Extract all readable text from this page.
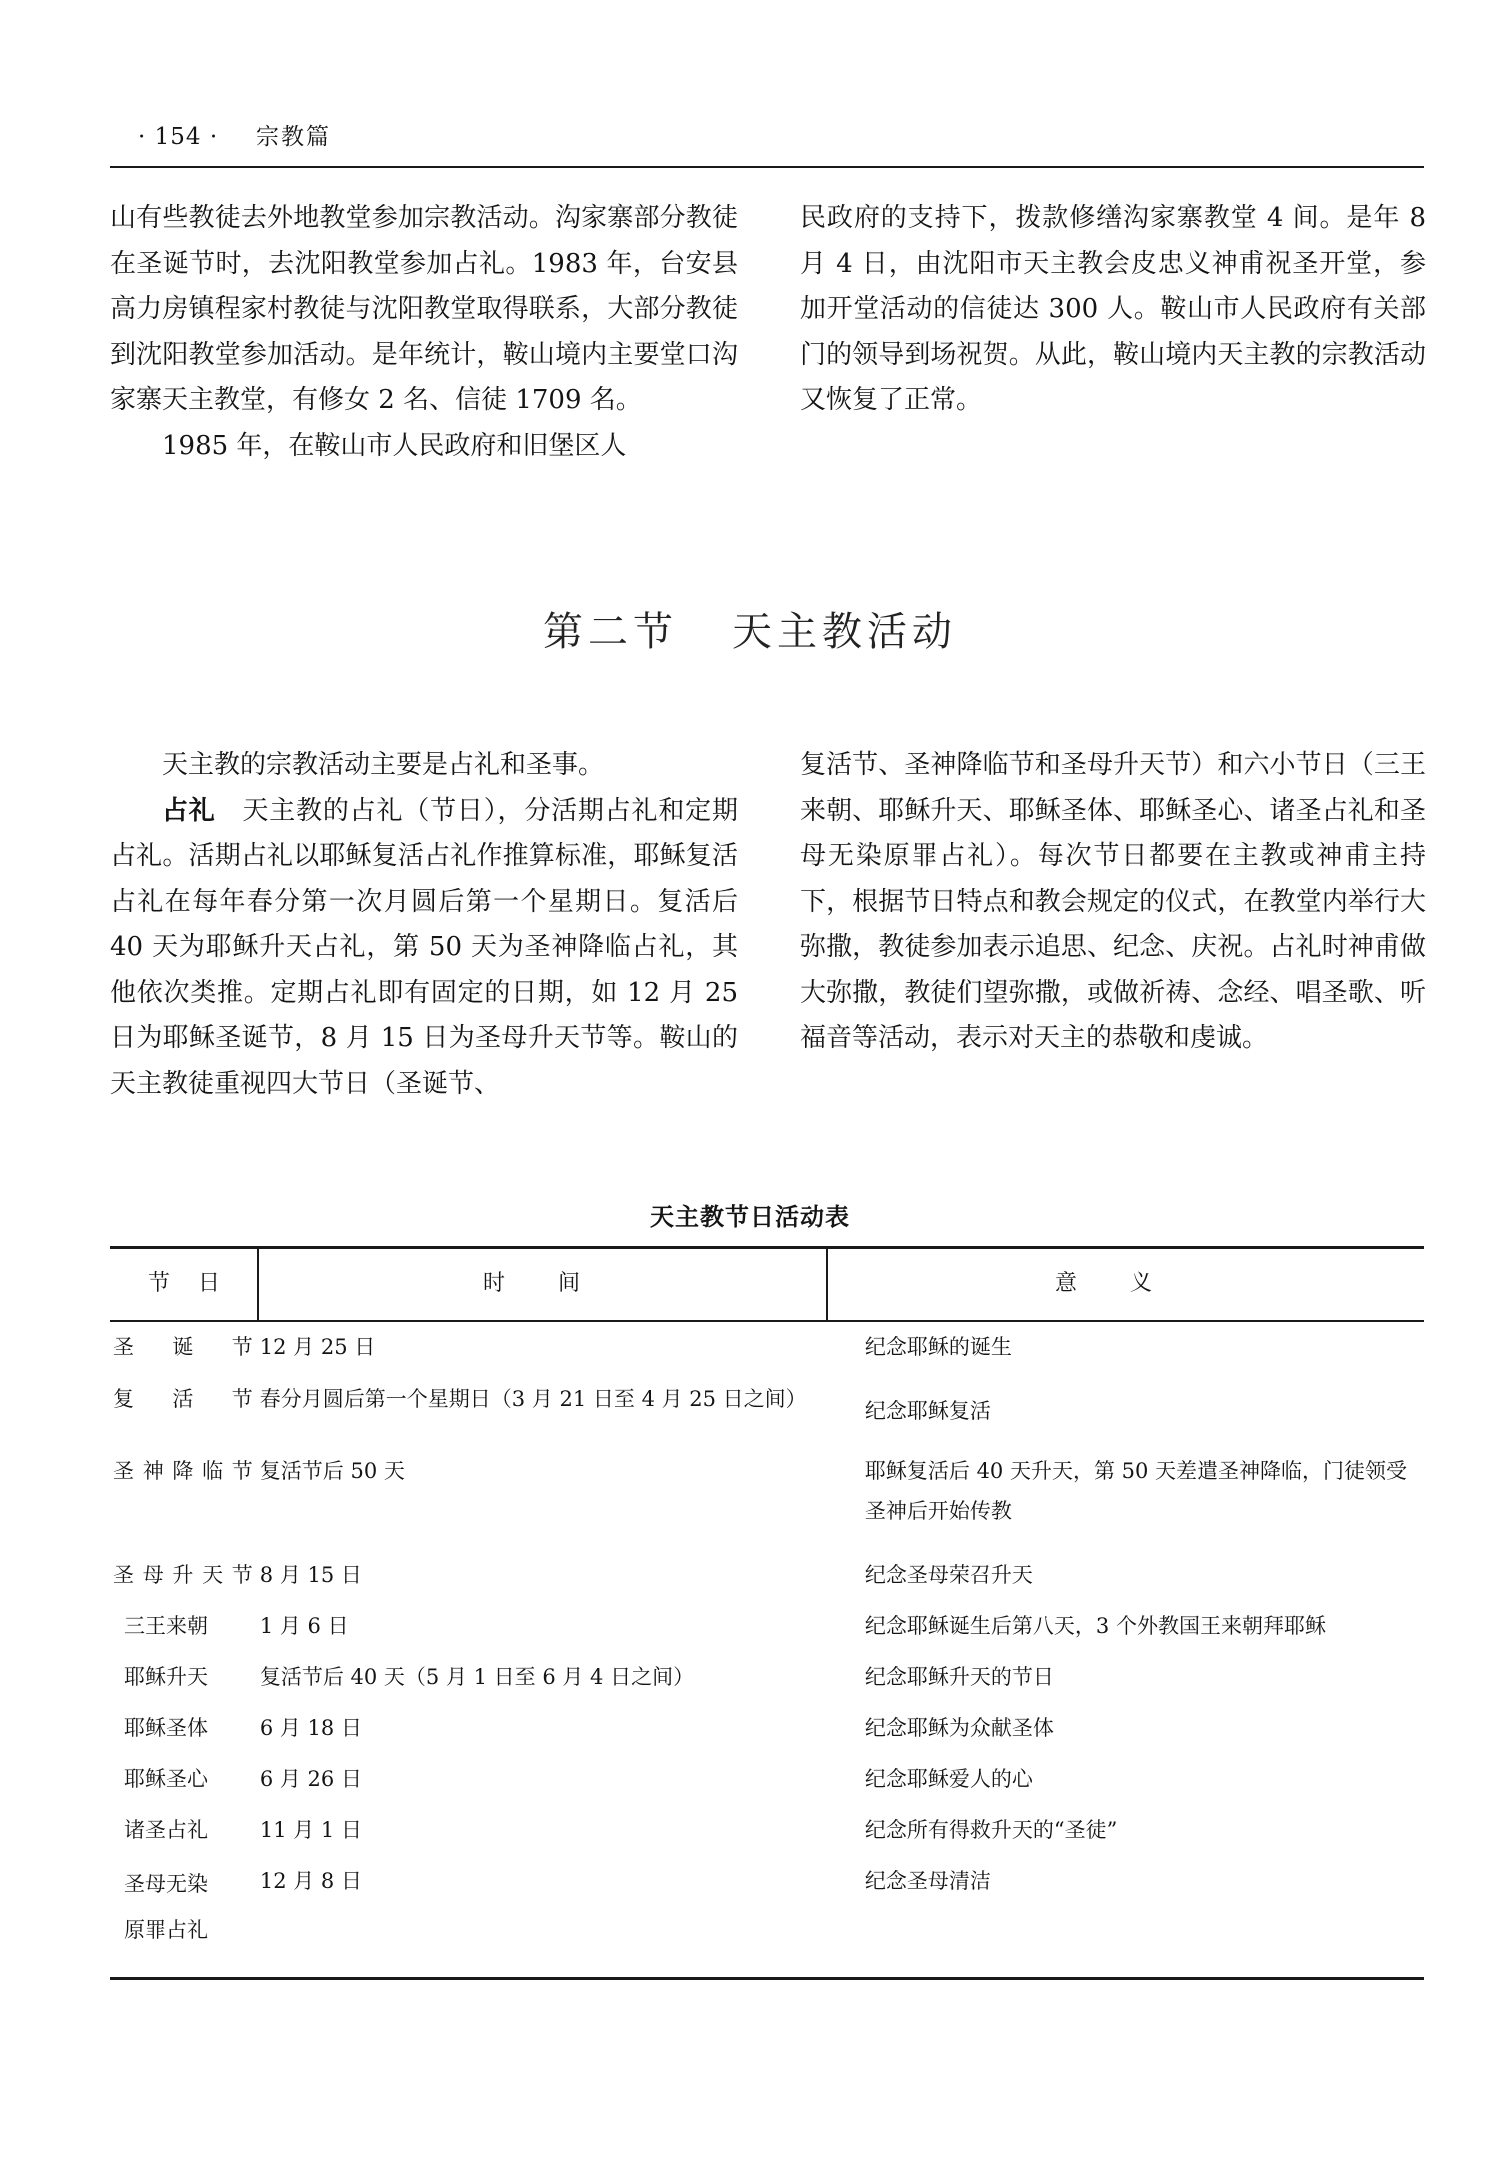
· 154 · 宗教篇

山有些教徒去外地教堂参加宗教活动。沟家寨部分教徒在圣诞节时，去沈阳教堂参加占礼。1983 年，台安县高力房镇程家村教徒与沈阳教堂取得联系，大部分教徒到沈阳教堂参加活动。是年统计，鞍山境内主要堂口沟家寨天主教堂，有修女 2 名、信徒 1709 名。

1985 年，在鞍山市人民政府和旧堡区人

民政府的支持下，拨款修缮沟家寨教堂 4 间。是年 8 月 4 日，由沈阳市天主教会皮忠义神甫祝圣开堂，参加开堂活动的信徒达 300 人。鞍山市人民政府有关部门的领导到场祝贺。从此，鞍山境内天主教的宗教活动又恢复了正常。

第二节 天主教活动

天主教的宗教活动主要是占礼和圣事。

占礼　 天主教的占礼（节日），分活期占礼和定期占礼。活期占礼以耶稣复活占礼作推算标准，耶稣复活占礼在每年春分第一次月圆后第一个星期日。复活后 40 天为耶稣升天占礼，第 50 天为圣神降临占礼，其他依次类推。定期占礼即有固定的日期，如 12 月 25 日为耶稣圣诞节，8 月 15 日为圣母升天节等。鞍山的天主教徒重视四大节日（圣诞节、

复活节、圣神降临节和圣母升天节）和六小节日（三王来朝、耶稣升天、耶稣圣体、耶稣圣心、诸圣占礼和圣母无染原罪占礼）。每次节日都要在主教或神甫主持下，根据节日特点和教会规定的仪式，在教堂内举行大弥撒，教徒参加表示追思、纪念、庆祝。占礼时神甫做大弥撒，教徒们望弥撒，或做祈祷、念经、唱圣歌、听福音等活动，表示对天主的恭敬和虔诚。

天主教节日活动表
节　日	时　　间	意　　义
圣诞节 12 月 25 日	纪念耶稣的诞生
复活节 春分月圆后第一个星期日（3 月 21 日至 4 月 25 日之间）	纪念耶稣复活
圣神降临节 复活节后 50 天	耶稣复活后 40 天升天，第 50 天差遣圣神降临，门徒领受圣神后开始传教
圣母升天节 8 月 15 日	纪念圣母荣召升天
三王来朝	1 月 6 日	纪念耶稣诞生后第八天，3 个外教国王来朝拜耶稣
耶稣升天	复活节后 40 天（5 月 1 日至 6 月 4 日之间）	纪念耶稣升天的节日
耶稣圣体	6 月 18 日	纪念耶稣为众献圣体
耶稣圣心	6 月 26 日	纪念耶稣爱人的心
诸圣占礼	11 月 1 日	纪念所有得救升天的“圣徒”
圣母无染原罪占礼
12 月 8 日	纪念圣母清洁
